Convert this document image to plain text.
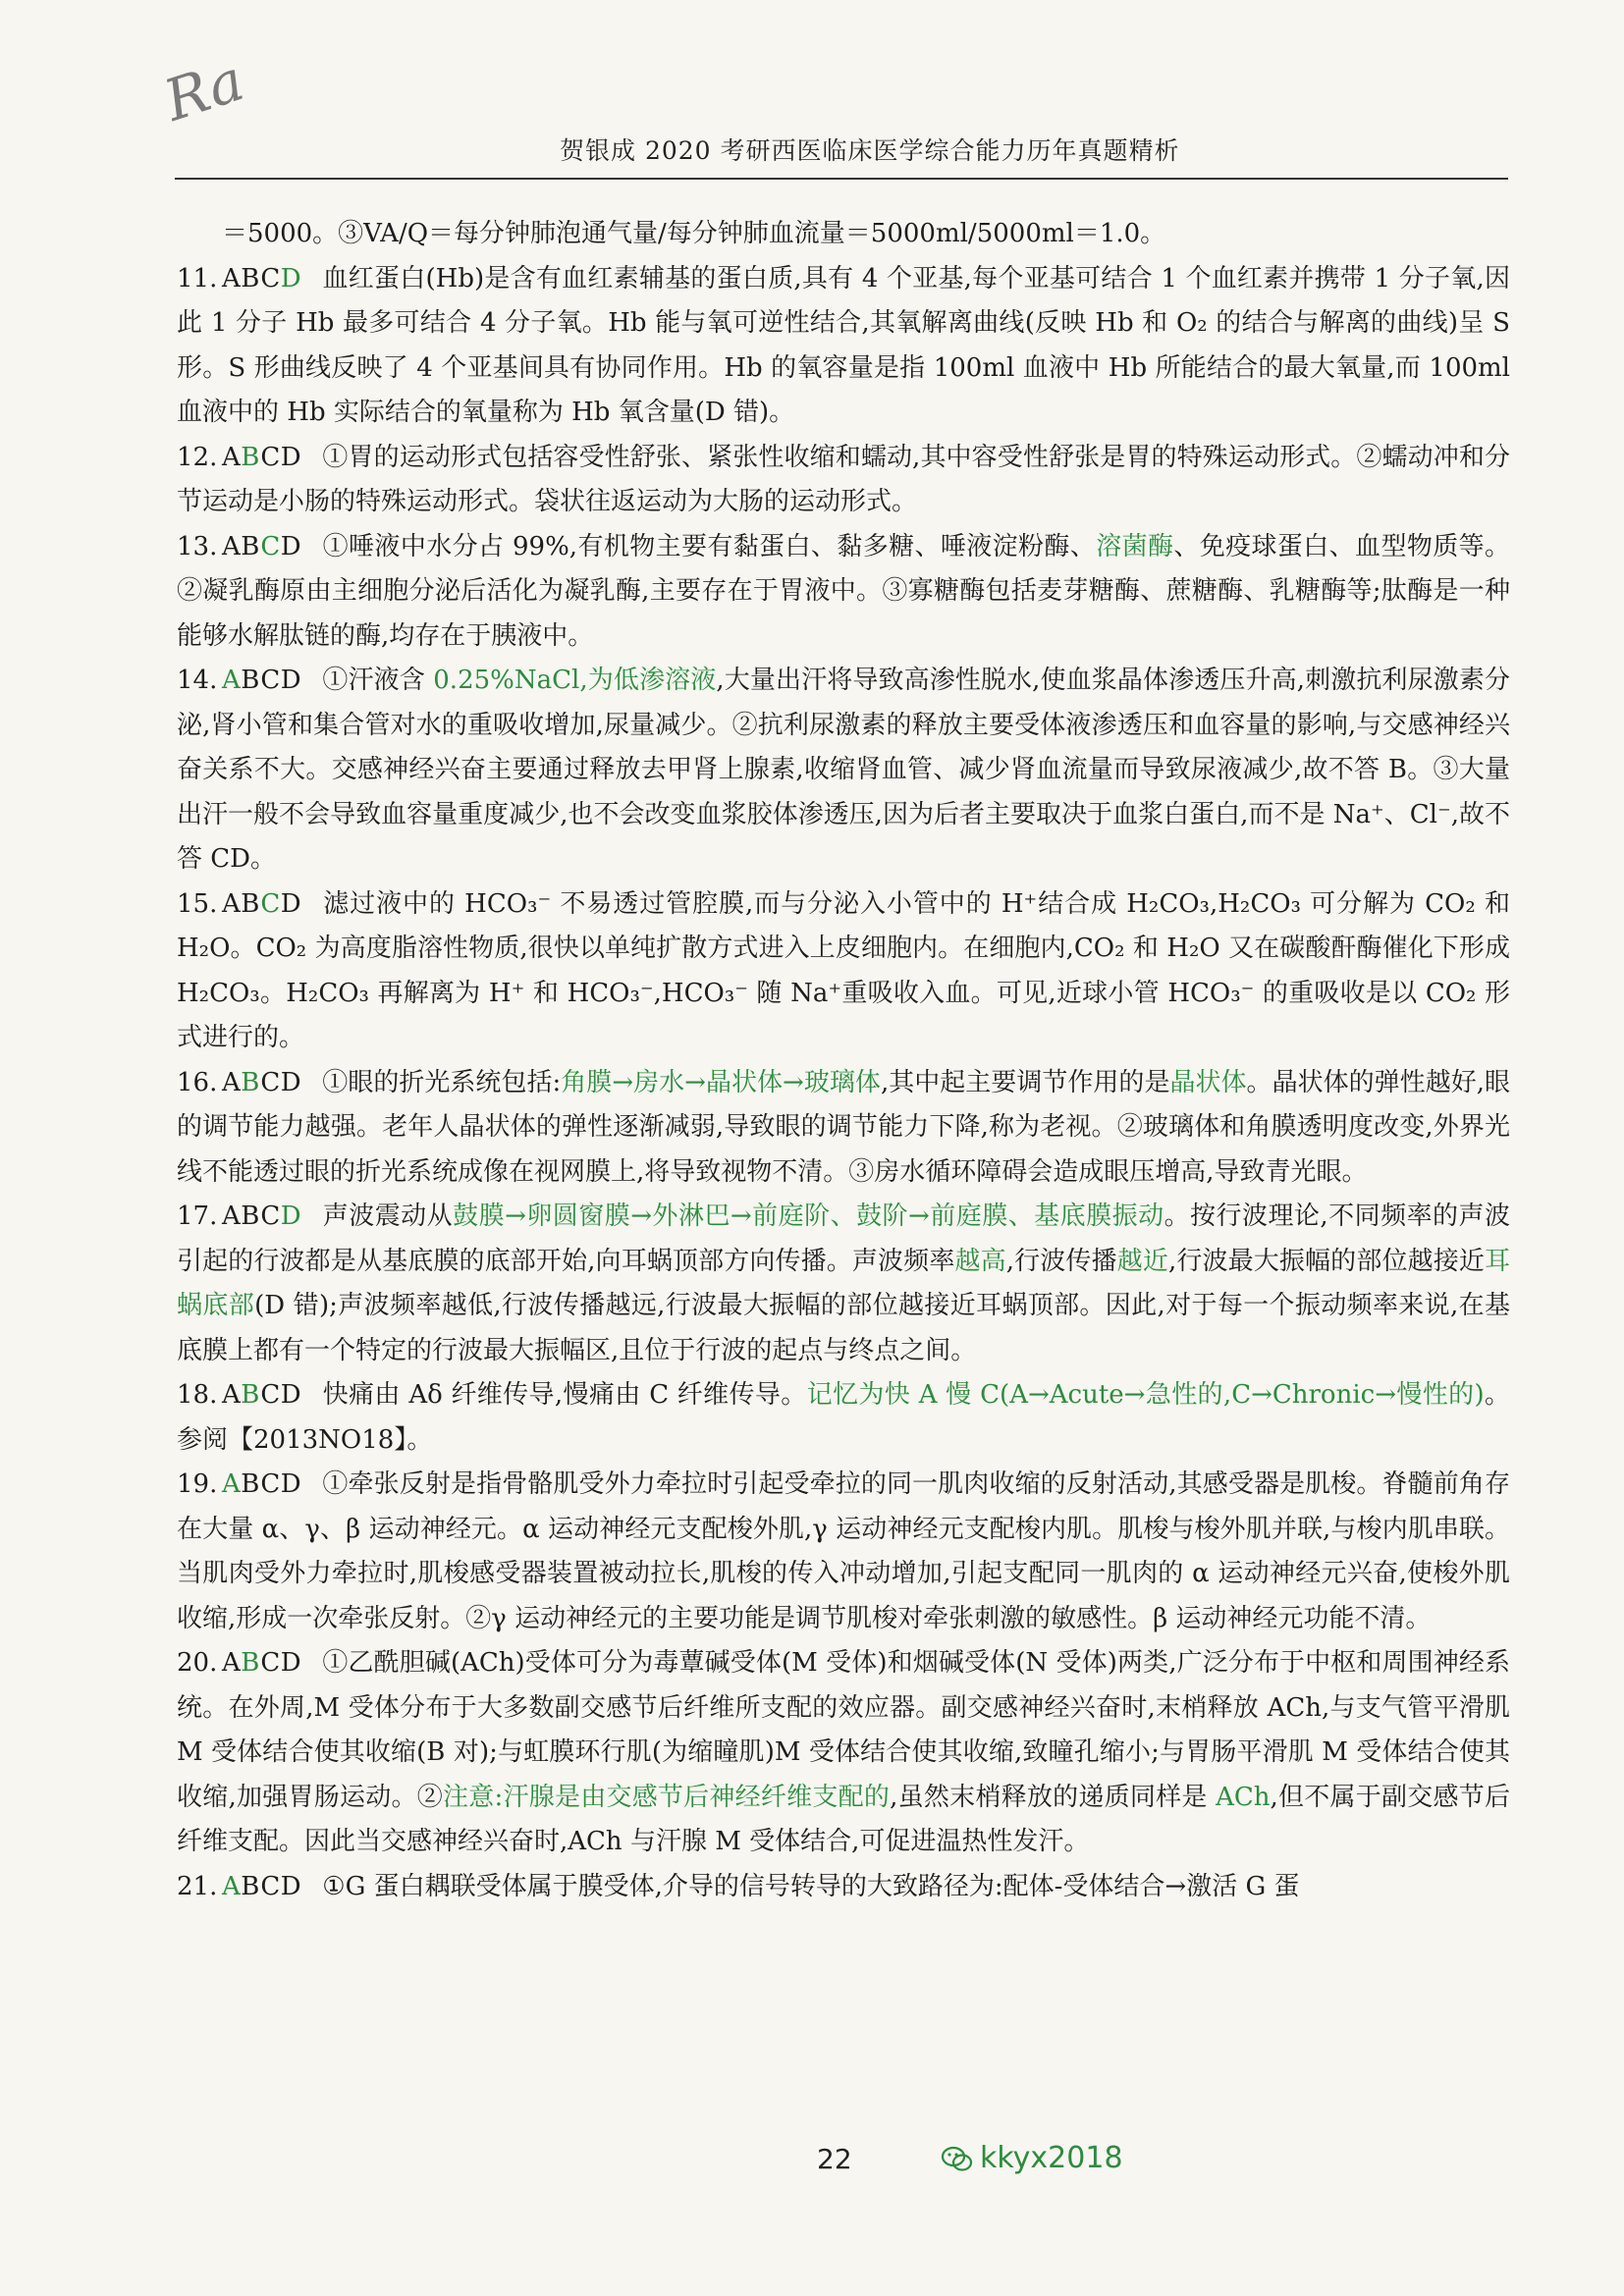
Ra
贺银成 2020 考研西医临床医学综合能力历年真题精析

＝5000。③VA/Q＝每分钟肺泡通气量/每分钟肺血流量＝5000ml/5000ml＝1.0。

11. ABCD 血红蛋白(Hb)是含有血红素辅基的蛋白质,具有 4 个亚基,每个亚基可结合 1 个血红素并携带 1 分子氧,因此 1 分子 Hb 最多可结合 4 分子氧。Hb 能与氧可逆性结合,其氧解离曲线(反映 Hb 和 O₂ 的结合与解离的曲线)呈 S 形。S 形曲线反映了 4 个亚基间具有协同作用。Hb 的氧容量是指 100ml 血液中 Hb 所能结合的最大氧量,而 100ml 血液中的 Hb 实际结合的氧量称为 Hb 氧含量(D 错)。

12. ABCD ①胃的运动形式包括容受性舒张、紧张性收缩和蠕动,其中容受性舒张是胃的特殊运动形式。②蠕动冲和分节运动是小肠的特殊运动形式。袋状往返运动为大肠的运动形式。

13. ABCD ①唾液中水分占 99%,有机物主要有黏蛋白、黏多糖、唾液淀粉酶、溶菌酶、免疫球蛋白、血型物质等。②凝乳酶原由主细胞分泌后活化为凝乳酶,主要存在于胃液中。③寡糖酶包括麦芽糖酶、蔗糖酶、乳糖酶等;肽酶是一种能够水解肽链的酶,均存在于胰液中。

14. ABCD ①汗液含 0.25%NaCl,为低渗溶液,大量出汗将导致高渗性脱水,使血浆晶体渗透压升高,刺激抗利尿激素分泌,肾小管和集合管对水的重吸收增加,尿量减少。②抗利尿激素的释放主要受体液渗透压和血容量的影响,与交感神经兴奋关系不大。交感神经兴奋主要通过释放去甲肾上腺素,收缩肾血管、减少肾血流量而导致尿液减少,故不答 B。③大量出汗一般不会导致血容量重度减少,也不会改变血浆胶体渗透压,因为后者主要取决于血浆白蛋白,而不是 Na⁺、Cl⁻,故不答 CD。

15. ABCD 滤过液中的 HCO₃⁻ 不易透过管腔膜,而与分泌入小管中的 H⁺结合成 H₂CO₃,H₂CO₃ 可分解为 CO₂ 和 H₂O。CO₂ 为高度脂溶性物质,很快以单纯扩散方式进入上皮细胞内。在细胞内,CO₂ 和 H₂O 又在碳酸酐酶催化下形成 H₂CO₃。H₂CO₃ 再解离为 H⁺ 和 HCO₃⁻,HCO₃⁻ 随 Na⁺重吸收入血。可见,近球小管 HCO₃⁻ 的重吸收是以 CO₂ 形式进行的。

16. ABCD ①眼的折光系统包括:角膜→房水→晶状体→玻璃体,其中起主要调节作用的是晶状体。晶状体的弹性越好,眼的调节能力越强。老年人晶状体的弹性逐渐减弱,导致眼的调节能力下降,称为老视。②玻璃体和角膜透明度改变,外界光线不能透过眼的折光系统成像在视网膜上,将导致视物不清。③房水循环障碍会造成眼压增高,导致青光眼。

17. ABCD 声波震动从鼓膜→卵圆窗膜→外淋巴→前庭阶、鼓阶→前庭膜、基底膜振动。按行波理论,不同频率的声波引起的行波都是从基底膜的底部开始,向耳蜗顶部方向传播。声波频率越高,行波传播越近,行波最大振幅的部位越接近耳蜗底部(D 错);声波频率越低,行波传播越远,行波最大振幅的部位越接近耳蜗顶部。因此,对于每一个振动频率来说,在基底膜上都有一个特定的行波最大振幅区,且位于行波的起点与终点之间。

18. ABCD 快痛由 Aδ 纤维传导,慢痛由 C 纤维传导。记忆为快 A 慢 C(A→Acute→急性的,C→Chronic→慢性的)。参阅【2013NO18】。

19. ABCD ①牵张反射是指骨骼肌受外力牵拉时引起受牵拉的同一肌肉收缩的反射活动,其感受器是肌梭。脊髓前角存在大量 α、γ、β 运动神经元。α 运动神经元支配梭外肌,γ 运动神经元支配梭内肌。肌梭与梭外肌并联,与梭内肌串联。当肌肉受外力牵拉时,肌梭感受器装置被动拉长,肌梭的传入冲动增加,引起支配同一肌肉的 α 运动神经元兴奋,使梭外肌收缩,形成一次牵张反射。②γ 运动神经元的主要功能是调节肌梭对牵张刺激的敏感性。β 运动神经元功能不清。

20. ABCD ①乙酰胆碱(ACh)受体可分为毒蕈碱受体(M 受体)和烟碱受体(N 受体)两类,广泛分布于中枢和周围神经系统。在外周,M 受体分布于大多数副交感节后纤维所支配的效应器。副交感神经兴奋时,末梢释放 ACh,与支气管平滑肌 M 受体结合使其收缩(B 对);与虹膜环行肌(为缩瞳肌)M 受体结合使其收缩,致瞳孔缩小;与胃肠平滑肌 M 受体结合使其收缩,加强胃肠运动。②注意:汗腺是由交感节后神经纤维支配的,虽然末梢释放的递质同样是 ACh,但不属于副交感节后纤维支配。因此当交感神经兴奋时,ACh 与汗腺 M 受体结合,可促进温热性发汗。

21. ABCD ①G 蛋白耦联受体属于膜受体,介导的信号转导的大致路径为:配体-受体结合→激活 G 蛋

22	kkyx2018
